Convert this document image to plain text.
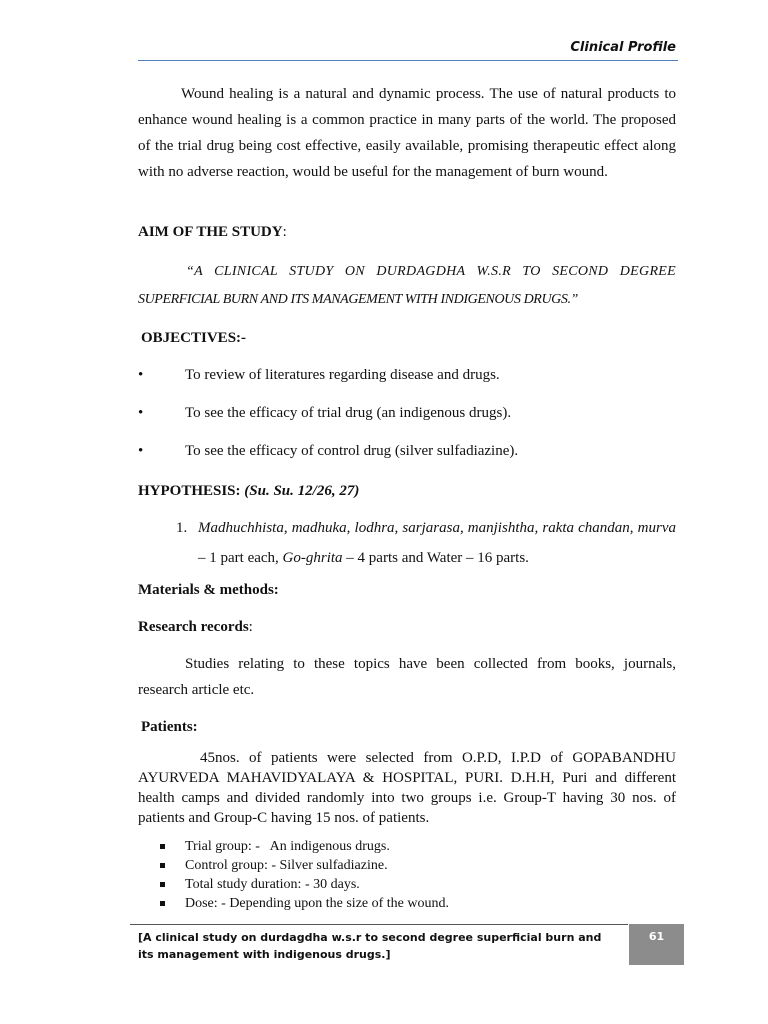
Clinical Profile

Wound healing is a natural and dynamic process. The use of natural products to enhance wound healing is a common practice in many parts of the world. The proposed of the trial drug being cost effective, easily available, promising therapeutic effect along with no adverse reaction, would be useful for the management of burn wound.

AIM OF THE STUDY:
“A CLINICAL STUDY ON DURDAGDHA W.S.R TO SECOND DEGREE
SUPERFICIAL BURN AND ITS MANAGEMENT WITH INDIGENOUS DRUGS.”
OBJECTIVES:-
•	To review of literatures regarding disease and drugs.
•	To see the efficacy of trial drug (an indigenous drugs).
•	To see the efficacy of control drug (silver sulfadiazine).
HYPOTHESIS: (Su. Su. 12/26, 27)
1. Madhuchhista, madhuka, lodhra, sarjarasa, manjishtha, rakta chandan, murva – 1 part each, Go-ghrita – 4 parts and Water – 16 parts.
Materials & methods:
Research records:

Studies relating to these topics have been collected from books, journals, research article etc.

Patients:

45nos. of patients were selected from O.P.D, I.P.D of GOPABANDHU AYURVEDA MAHAVIDYALAYA & HOSPITAL, PURI. D.H.H, Puri and different health camps and divided randomly into two groups i.e. Group-T having 30 nos. of patients and Group-C having 15 nos. of patients.

Trial group: -   An indigenous drugs.
Control group: - Silver sulfadiazine.
Total study duration: - 30 days.
Dose: - Depending upon the size of the wound.
[A clinical study on durdagdha w.s.r to second degree superficial burn and its management with indigenous drugs.]
61
